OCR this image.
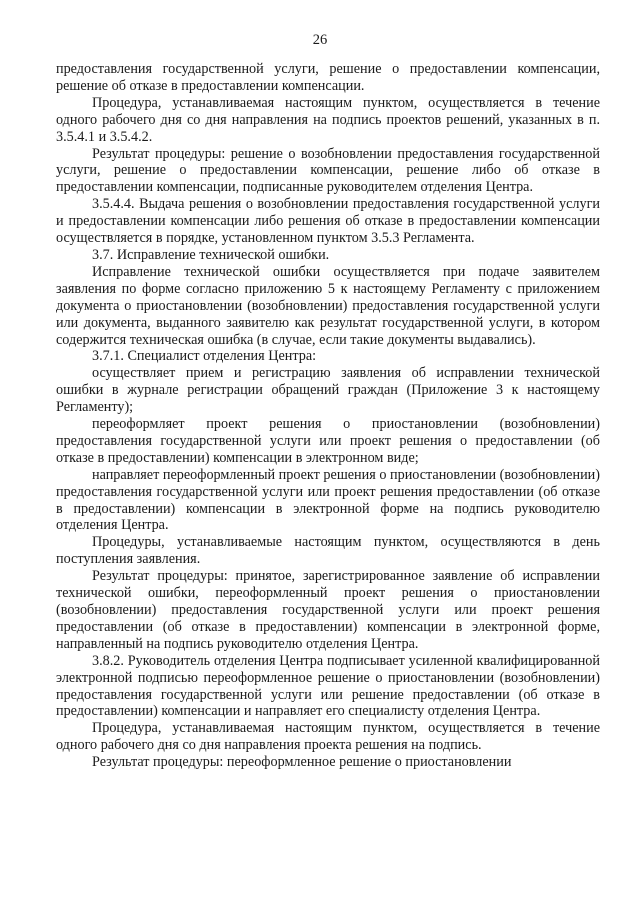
26

предоставления государственной услуги, решение о предоставлении компенсации, решение об отказе в предоставлении компенсации.

Процедура, устанавливаемая настоящим пунктом, осуществляется в течение одного рабочего дня со дня направления на подпись проектов решений, указанных в п. 3.5.4.1 и 3.5.4.2.

Результат процедуры: решение о возобновлении предоставления государственной услуги, решение о предоставлении компенсации, решение либо об отказе в предоставлении компенсации, подписанные руководителем отделения Центра.

3.5.4.4. Выдача решения о возобновлении предоставления государственной услуги и предоставлении компенсации либо решения об отказе в предоставлении компенсации осуществляется в порядке, установленном пунктом 3.5.3 Регламента.

3.7. Исправление технической ошибки.

Исправление технической ошибки осуществляется при подаче заявителем заявления по форме согласно приложению 5 к настоящему Регламенту с приложением документа о приостановлении (возобновлении) предоставления государственной услуги или документа, выданного заявителю как результат государственной услуги, в котором содержится техническая ошибка (в случае, если такие документы выдавались).

3.7.1. Специалист отделения Центра:

осуществляет прием и регистрацию заявления об исправлении технической ошибки в журнале регистрации обращений граждан (Приложение 3 к настоящему Регламенту);

переоформляет проект решения о приостановлении (возобновлении) предоставления государственной услуги или проект решения о предоставлении (об отказе в предоставлении) компенсации в электронном виде;

направляет переоформленный проект решения о приостановлении (возобновлении) предоставления государственной услуги или проект решения предоставлении (об отказе в предоставлении) компенсации в электронной форме на подпись руководителю отделения Центра.

Процедуры, устанавливаемые настоящим пунктом, осуществляются в день поступления заявления.

Результат процедуры: принятое, зарегистрированное заявление об исправлении технической ошибки, переоформленный проект решения о приостановлении (возобновлении) предоставления государственной услуги или проект решения предоставлении (об отказе в предоставлении) компенсации в электронной форме, направленный на подпись руководителю отделения Центра.

3.8.2. Руководитель отделения Центра подписывает усиленной квалифицированной электронной подписью переоформленное решение о приостановлении (возобновлении) предоставления государственной услуги или решение предоставлении (об отказе в предоставлении) компенсации и направляет его специалисту отделения Центра.

Процедура, устанавливаемая настоящим пунктом, осуществляется в течение одного рабочего дня со дня направления проекта решения на подпись.

Результат процедуры: переоформленное решение о приостановлении
